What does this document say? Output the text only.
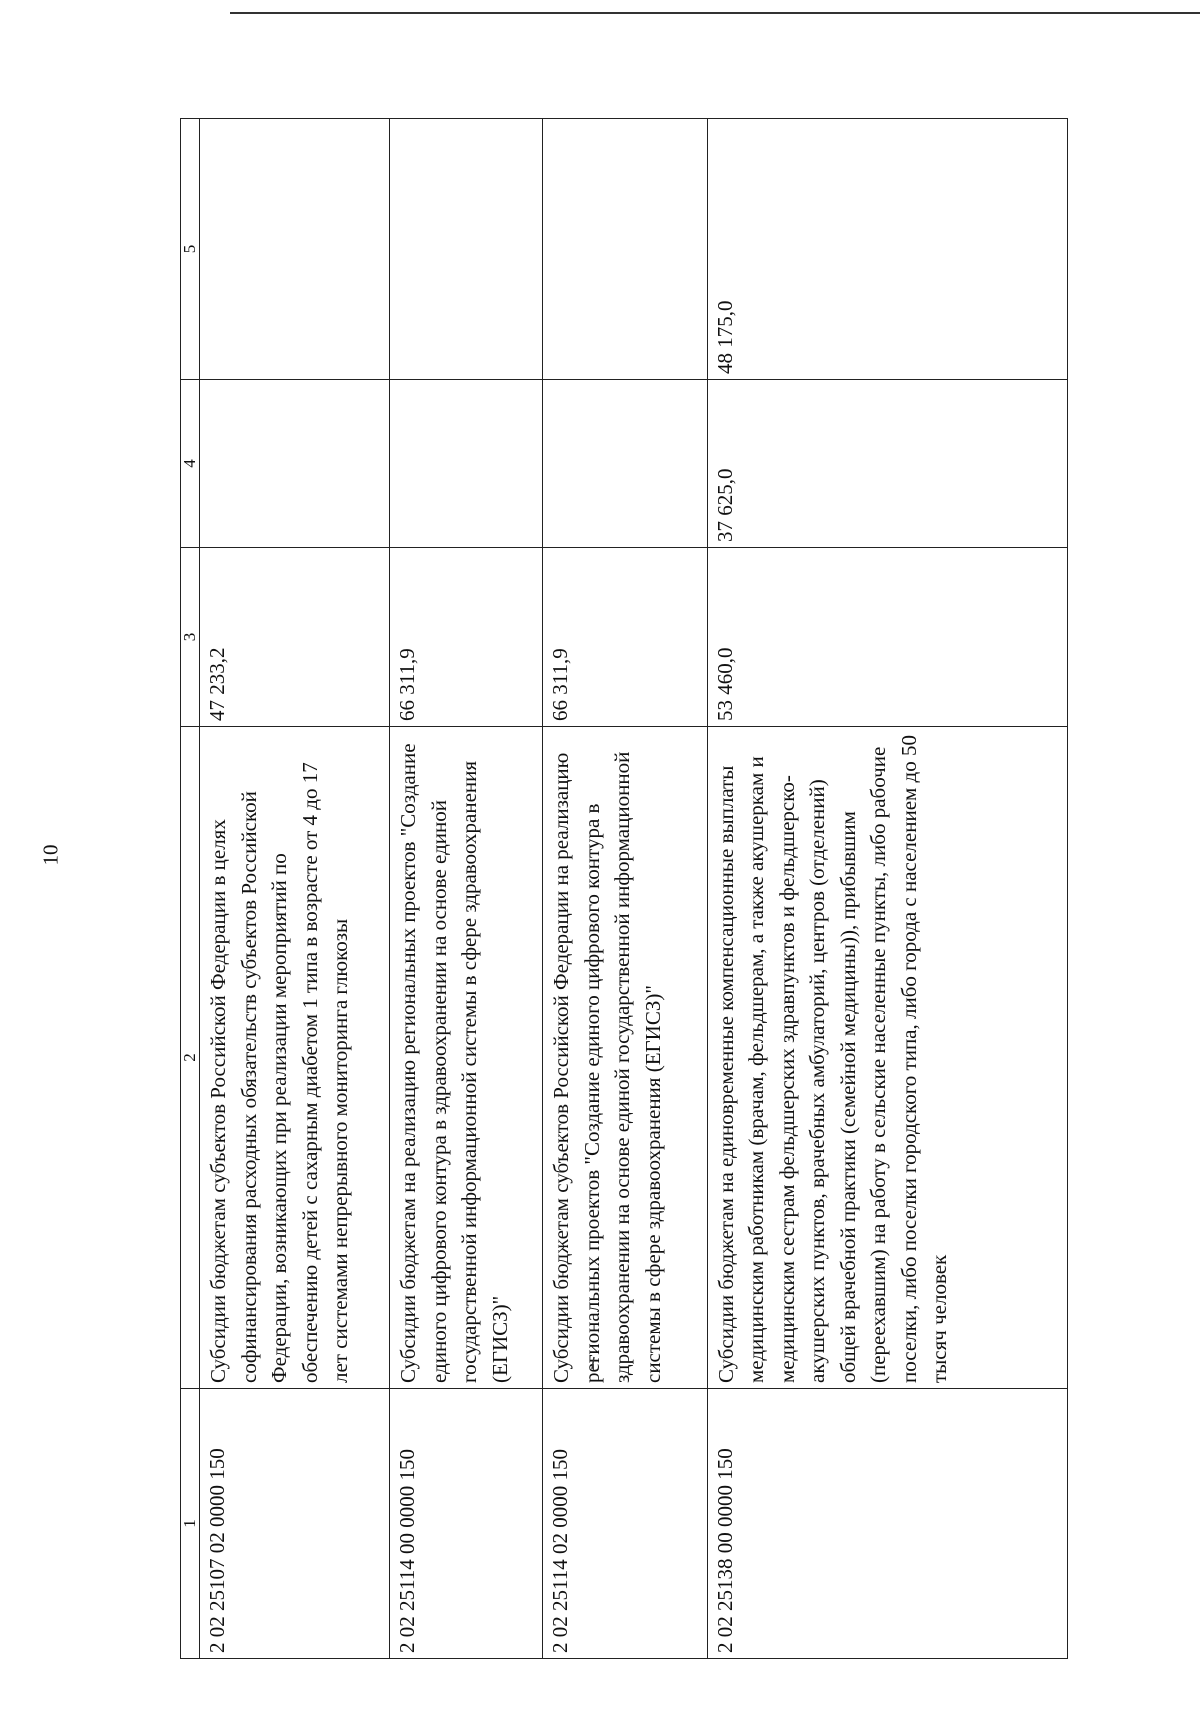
10
1	2	3	4	5
2 02 25107 02 0000 150	Субсидии бюджетам субъектов Российской Федерации в целях софинансирования расходных обязательств субъектов Российской Федерации, возникающих при реализации мероприятий по обеспечению детей с сахарным диабетом 1 типа в возрасте от 4 до 17 лет системами непрерывного мониторинга глюкозы	47 233,2		
2 02 25114 00 0000 150	Субсидии бюджетам на реализацию региональных проектов "Создание единого цифрового контура в здравоохранении на основе единой государственной информационной системы в сфере здравоохранения (ЕГИСЗ)"	66 311,9		
2 02 25114 02 0000 150	Субсидии бюджетам субъектов Российской Федерации на реализацию региональных проектов "Создание единого цифрового контура в здравоохранении на основе единой государственной информационной системы в сфере здравоохранения (ЕГИСЗ)"	66 311,9		
2 02 25138 00 0000 150	Субсидии бюджетам на единовременные компенсационные выплаты медицинским работникам (врачам, фельдшерам, а также акушеркам и медицинским сестрам фельдшерских здравпунктов и фельдшерско-акушерских пунктов, врачебных амбулаторий, центров (отделений) общей врачебной практики (семейной медицины)), прибывшим (переехавшим) на работу в сельские населенные пункты, либо рабочие поселки, либо поселки городского типа, либо города с населением до 50 тысяч человек	53 460,0	37 625,0	48 175,0
